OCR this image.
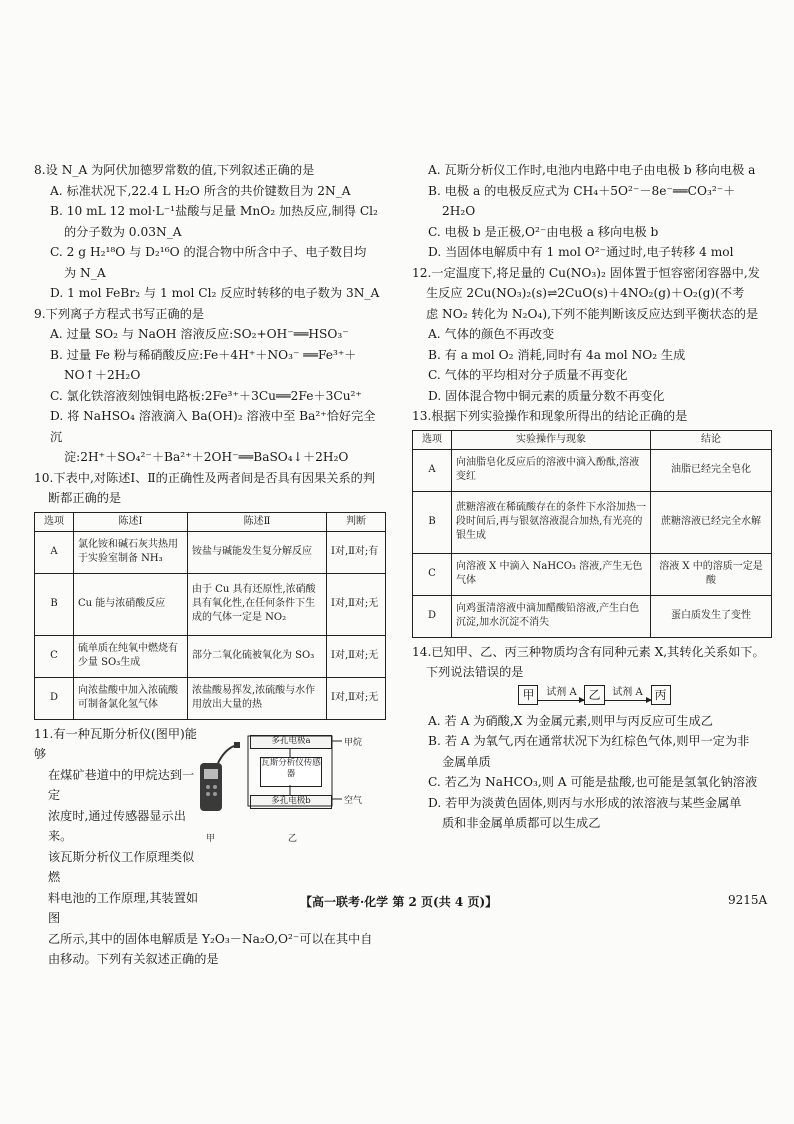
8.设 N_A 为阿伏加德罗常数的值,下列叙述正确的是

A. 标准状况下,22.4 L H₂O 所含的共价键数目为 2N_A

B. 10 mL 12 mol·L⁻¹盐酸与足量 MnO₂ 加热反应,制得 Cl₂

的分子数为 0.03N_A

C. 2 g H₂¹⁸O 与 D₂¹⁶O 的混合物中所含中子、电子数目均

为 N_A

D. 1 mol FeBr₂ 与 1 mol Cl₂ 反应时转移的电子数为 3N_A

9.下列离子方程式书写正确的是

A. 过量 SO₂ 与 NaOH 溶液反应:SO₂+OH⁻══HSO₃⁻

B. 过量 Fe 粉与稀硝酸反应:Fe＋4H⁺＋NO₃⁻ ══Fe³⁺＋

NO↑＋2H₂O

C. 氯化铁溶液刻蚀铜电路板:2Fe³⁺＋3Cu══2Fe＋3Cu²⁺

D. 将 NaHSO₄ 溶液滴入 Ba(OH)₂ 溶液中至 Ba²⁺恰好完全沉

淀:2H⁺＋SO₄²⁻＋Ba²⁺＋2OH⁻══BaSO₄↓＋2H₂O

10.下表中,对陈述Ⅰ、Ⅱ的正确性及两者间是否具有因果关系的判

断都正确的是

选项	陈述Ⅰ	陈述Ⅱ	判断
A	氯化铵和碱石灰共热用于实验室制备 NH₃	铵盐与碱能发生复分解反应	Ⅰ对,Ⅱ对;有
B	Cu 能与浓硝酸反应	由于 Cu 具有还原性,浓硝酸具有氧化性,在任何条件下生成的气体一定是 NO₂	Ⅰ对,Ⅱ对;无
C	硫单质在纯氧中燃烧有少量 SO₃生成	部分二氧化硫被氧化为 SO₃	Ⅰ对,Ⅱ对;无
D	向浓盐酸中加入浓硫酸可制备氯化氢气体	浓盐酸易挥发,浓硫酸与水作用放出大量的热	Ⅰ对,Ⅱ对;无

11.有一种瓦斯分析仪(图甲)能够

在煤矿巷道中的甲烷达到一定

浓度时,通过传感器显示出来。

该瓦斯分析仪工作原理类似燃

料电池的工作原理,其装置如图

乙所示,其中的固体电解质是 Y₂O₃－Na₂O,O²⁻可以在其中自

由移动。下列有关叙述正确的是

甲
多孔电极a
瓦斯分析仪传感器
多孔电极b
甲烷
空气
乙

A. 瓦斯分析仪工作时,电池内电路中电子由电极 b 移向电极 a

B. 电极 a 的电极反应式为 CH₄＋5O²⁻－8e⁻══CO₃²⁻＋

2H₂O

C. 电极 b 是正极,O²⁻由电极 a 移向电极 b

D. 当固体电解质中有 1 mol O²⁻通过时,电子转移 4 mol

12.一定温度下,将足量的 Cu(NO₃)₂ 固体置于恒容密闭容器中,发

生反应 2Cu(NO₃)₂(s)⇌2CuO(s)＋4NO₂(g)＋O₂(g)(不考

虑 NO₂ 转化为 N₂O₄),下列不能判断该反应达到平衡状态的是

A. 气体的颜色不再改变

B. 有 a mol O₂ 消耗,同时有 4a mol NO₂ 生成

C. 气体的平均相对分子质量不再变化

D. 固体混合物中铜元素的质量分数不再变化

13.根据下列实验操作和现象所得出的结论正确的是

选项	实验操作与现象	结论
A	向油脂皂化反应后的溶液中滴入酚酞,溶液变红	油脂已经完全皂化
B	蔗糖溶液在稀硫酸存在的条件下水浴加热一段时间后,再与银氨溶液混合加热,有光亮的银生成	蔗糖溶液已经完全水解
C	向溶液 X 中滴入 NaHCO₃ 溶液,产生无色气体	溶液 X 中的溶质一定是酸
D	向鸡蛋清溶液中滴加醋酸铅溶液,产生白色沉淀,加水沉淀不消失	蛋白质发生了变性

14.已知甲、乙、丙三种物质均含有同种元素 X,其转化关系如下。

下列说法错误的是

甲	试剂 A 乙	试剂 A 丙

A. 若 A 为硝酸,X 为金属元素,则甲与丙反应可生成乙

B. 若 A 为氧气,丙在通常状况下为红棕色气体,则甲一定为非

金属单质

C. 若乙为 NaHCO₃,则 A 可能是盐酸,也可能是氢氧化钠溶液

D. 若甲为淡黄色固体,则丙与水形成的浓溶液与某些金属单

质和非金属单质都可以生成乙

【高一联考·化学 第 2 页(共 4 页)】	9215A
